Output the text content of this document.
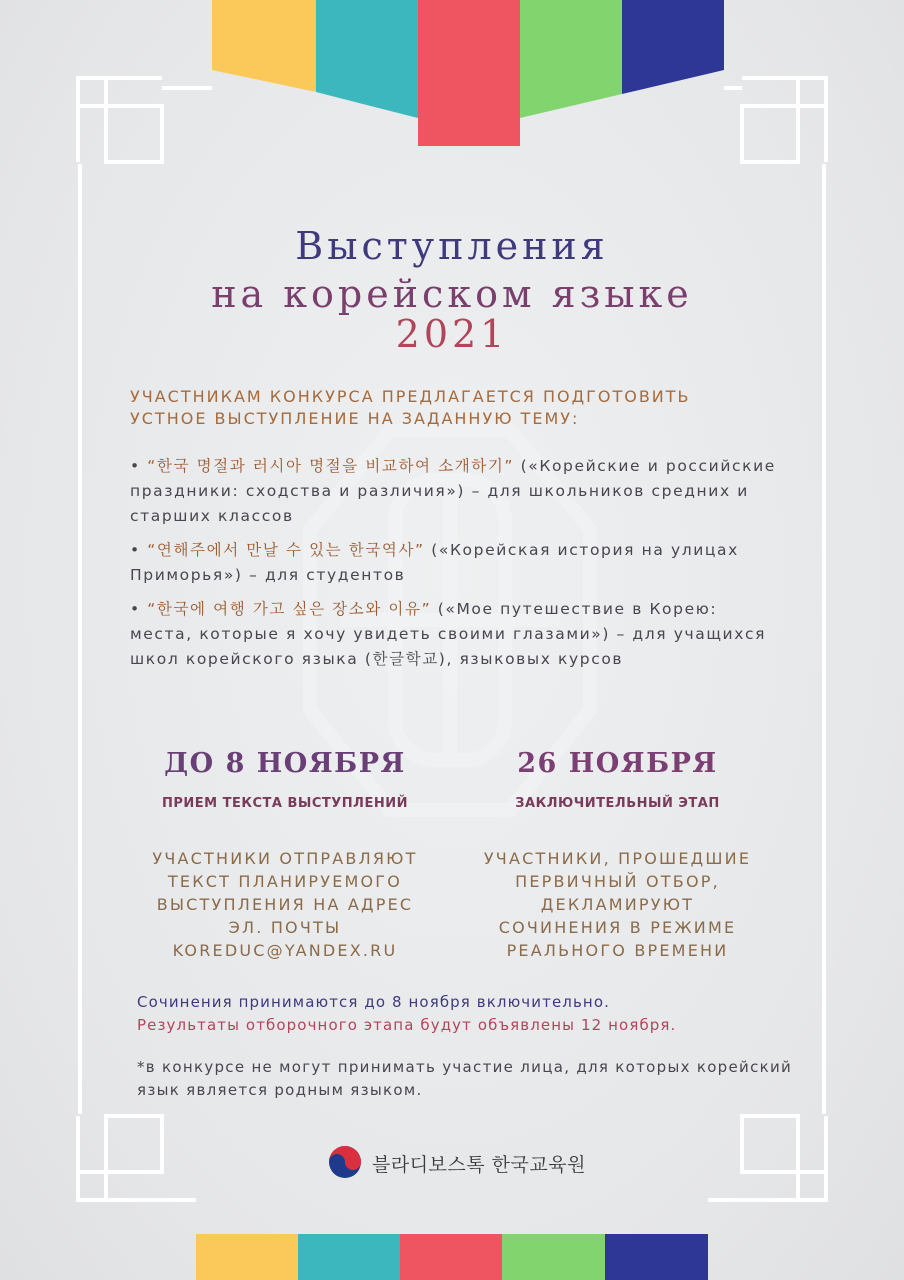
Выступления
на корейском языке
2021
УЧАСТНИКАМ КОНКУРСА ПРЕДЛАГАЕТСЯ ПОДГОТОВИТЬ
УСТНОЕ ВЫСТУПЛЕНИЕ НА ЗАДАННУЮ ТЕМУ:
• “한국 명절과 러시아 명절을 비교하여 소개하기” («Корейские и российские праздники: сходства и различия») – для школьников средних и старших классов
• “연해주에서 만날 수 있는 한국역사” («Корейская история на улицах Приморья») – для студентов
• “한국에 여행 가고 싶은 장소와 이유” («Мое путешествие в Корею: места, которые я хочу увидеть своими глазами») – для учащихся школ корейского языка (한글학교), языковых курсов
ДО 8 НОЯБРЯ	26 НОЯБРЯ
ПРИЕМ ТЕКСТА ВЫСТУПЛЕНИЙ	ЗАКЛЮЧИТЕЛЬНЫЙ ЭТАП
УЧАСТНИКИ ОТПРАВЛЯЮТ
ТЕКСТ ПЛАНИРУЕМОГО
ВЫСТУПЛЕНИЯ НА АДРЕС
ЭЛ. ПОЧТЫ
KOREDUC@YANDEX.RU
УЧАСТНИКИ, ПРОШЕДШИЕ
ПЕРВИЧНЫЙ ОТБОР,
ДЕКЛАМИРУЮТ
СОЧИНЕНИЯ В РЕЖИМЕ
РЕАЛЬНОГО ВРЕМЕНИ
Сочинения принимаются до 8 ноября включительно.
Результаты отборочного этапа будут объявлены 12 ноября.
*в конкурсе не могут принимать участие лица, для которых корейский язык является родным языком.
블라디보스톡 한국교육원
